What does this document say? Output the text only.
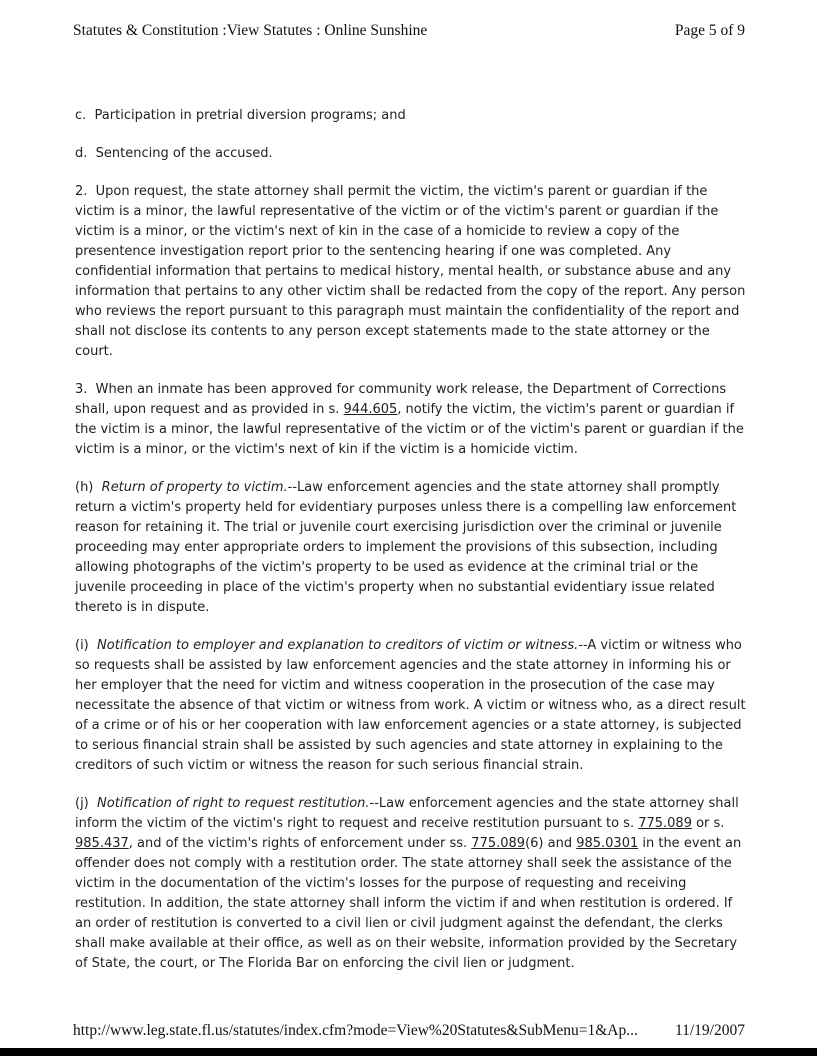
Statutes & Constitution :View Statutes : Online Sunshine	Page 5 of 9

c.  Participation in pretrial diversion programs; and

d.  Sentencing of the accused.

2.  Upon request, the state attorney shall permit the victim, the victim's parent or guardian if the victim is a minor, the lawful representative of the victim or of the victim's parent or guardian if the victim is a minor, or the victim's next of kin in the case of a homicide to review a copy of the presentence investigation report prior to the sentencing hearing if one was completed. Any confidential information that pertains to medical history, mental health, or substance abuse and any information that pertains to any other victim shall be redacted from the copy of the report. Any person who reviews the report pursuant to this paragraph must maintain the confidentiality of the report and shall not disclose its contents to any person except statements made to the state attorney or the court.

3.  When an inmate has been approved for community work release, the Department of Corrections shall, upon request and as provided in s. 944.605, notify the victim, the victim's parent or guardian if the victim is a minor, the lawful representative of the victim or of the victim's parent or guardian if the victim is a minor, or the victim's next of kin if the victim is a homicide victim.

(h)  Return of property to victim.--Law enforcement agencies and the state attorney shall promptly return a victim's property held for evidentiary purposes unless there is a compelling law enforcement reason for retaining it. The trial or juvenile court exercising jurisdiction over the criminal or juvenile proceeding may enter appropriate orders to implement the provisions of this subsection, including allowing photographs of the victim's property to be used as evidence at the criminal trial or the juvenile proceeding in place of the victim's property when no substantial evidentiary issue related thereto is in dispute.

(i)  Notification to employer and explanation to creditors of victim or witness.--A victim or witness who so requests shall be assisted by law enforcement agencies and the state attorney in informing his or her employer that the need for victim and witness cooperation in the prosecution of the case may necessitate the absence of that victim or witness from work. A victim or witness who, as a direct result of a crime or of his or her cooperation with law enforcement agencies or a state attorney, is subjected to serious financial strain shall be assisted by such agencies and state attorney in explaining to the creditors of such victim or witness the reason for such serious financial strain.

(j)  Notification of right to request restitution.--Law enforcement agencies and the state attorney shall inform the victim of the victim's right to request and receive restitution pursuant to s. 775.089 or s. 985.437, and of the victim's rights of enforcement under ss. 775.089(6) and 985.0301 in the event an offender does not comply with a restitution order. The state attorney shall seek the assistance of the victim in the documentation of the victim's losses for the purpose of requesting and receiving restitution. In addition, the state attorney shall inform the victim if and when restitution is ordered. If an order of restitution is converted to a civil lien or civil judgment against the defendant, the clerks shall make available at their office, as well as on their website, information provided by the Secretary of State, the court, or The Florida Bar on enforcing the civil lien or judgment.

http://www.leg.state.fl.us/statutes/index.cfm?mode=View%20Statutes&SubMenu=1&Ap... 11/19/2007
